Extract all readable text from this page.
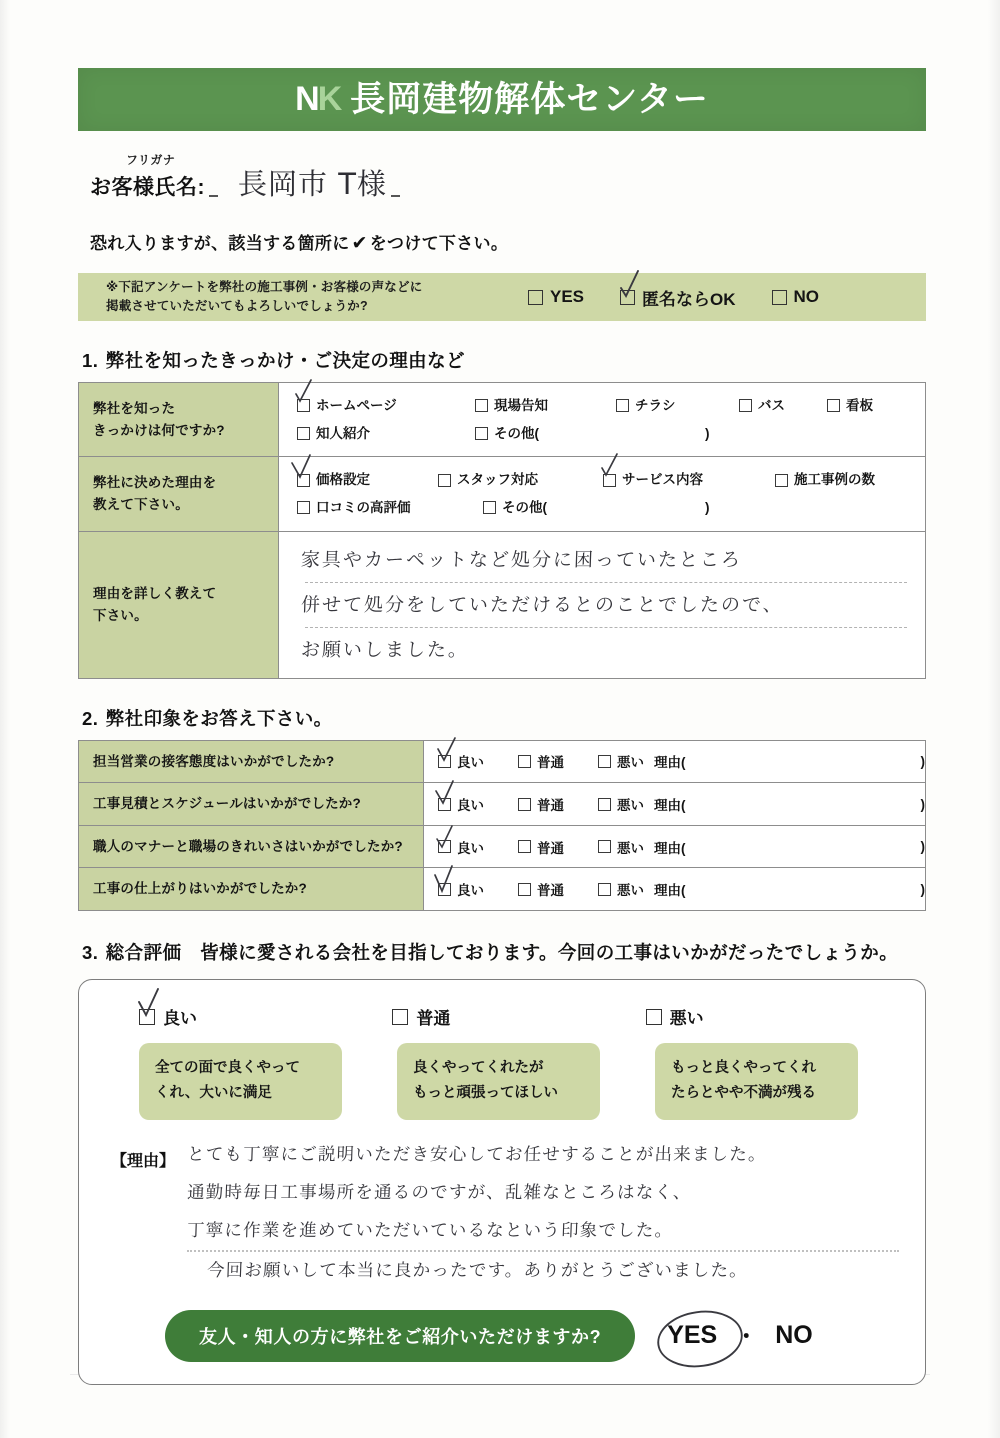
N K 長岡建物解体センター
フリガナ
お客様氏名: 長岡市 T様
恐れ入りますが、該当する箇所に ✔ をつけて下さい。
※下記アンケートを弊社の施工事例・お客様の声などに
掲載させていただいてもよろしいでしょうか?	YES	匿名ならOK	NO
1. 弊社を知ったきっかけ・ご決定の理由など
弊社を知った
きっかけは何ですか?

ホームページ	現場告知	チラシ	バス	看板
知人紹介	その他(	)

弊社に決めた理由を
教えて下さい。

価格設定	スタッフ対応	サービス内容	施工事例の数
口コミの高評価	その他(	)

理由を詳しく教えて
下さい。

家具やカーペットなど処分に困っていたところ
併せて処分をしていただけるとのことでしたので、
お願いしました。
2. 弊社印象をお答え下さい。
担当営業の接客態度はいかがでしたか?	良い 普通 悪い 理由( )

工事見積とスケジュールはいかがでしたか?	良い 普通 悪い 理由( )

職人のマナーと職場のきれいさはいかがでしたか?	良い 普通 悪い 理由( )

工事の仕上がりはいかがでしたか?	良い 普通 悪い 理由( )
3. 総合評価　皆様に愛される会社を目指しております。今回の工事はいかがだったでしょうか。
良い	普通	悪い
全ての面で良くやって
くれ、大いに満足
良くやってくれたが
もっと頑張ってほしい
もっと良くやってくれ
たらとやや不満が残る
【理由】 とても丁寧にご説明いただき安心してお任せすることが出来ました。
通勤時毎日工事場所を通るのですが、乱雑なところはなく、
丁寧に作業を進めていただいているなという印象でした。
今回お願いして本当に良かったです。ありがとうございました。
友人・知人の方に弊社をご紹介いただけますか?	YES ・ NO
